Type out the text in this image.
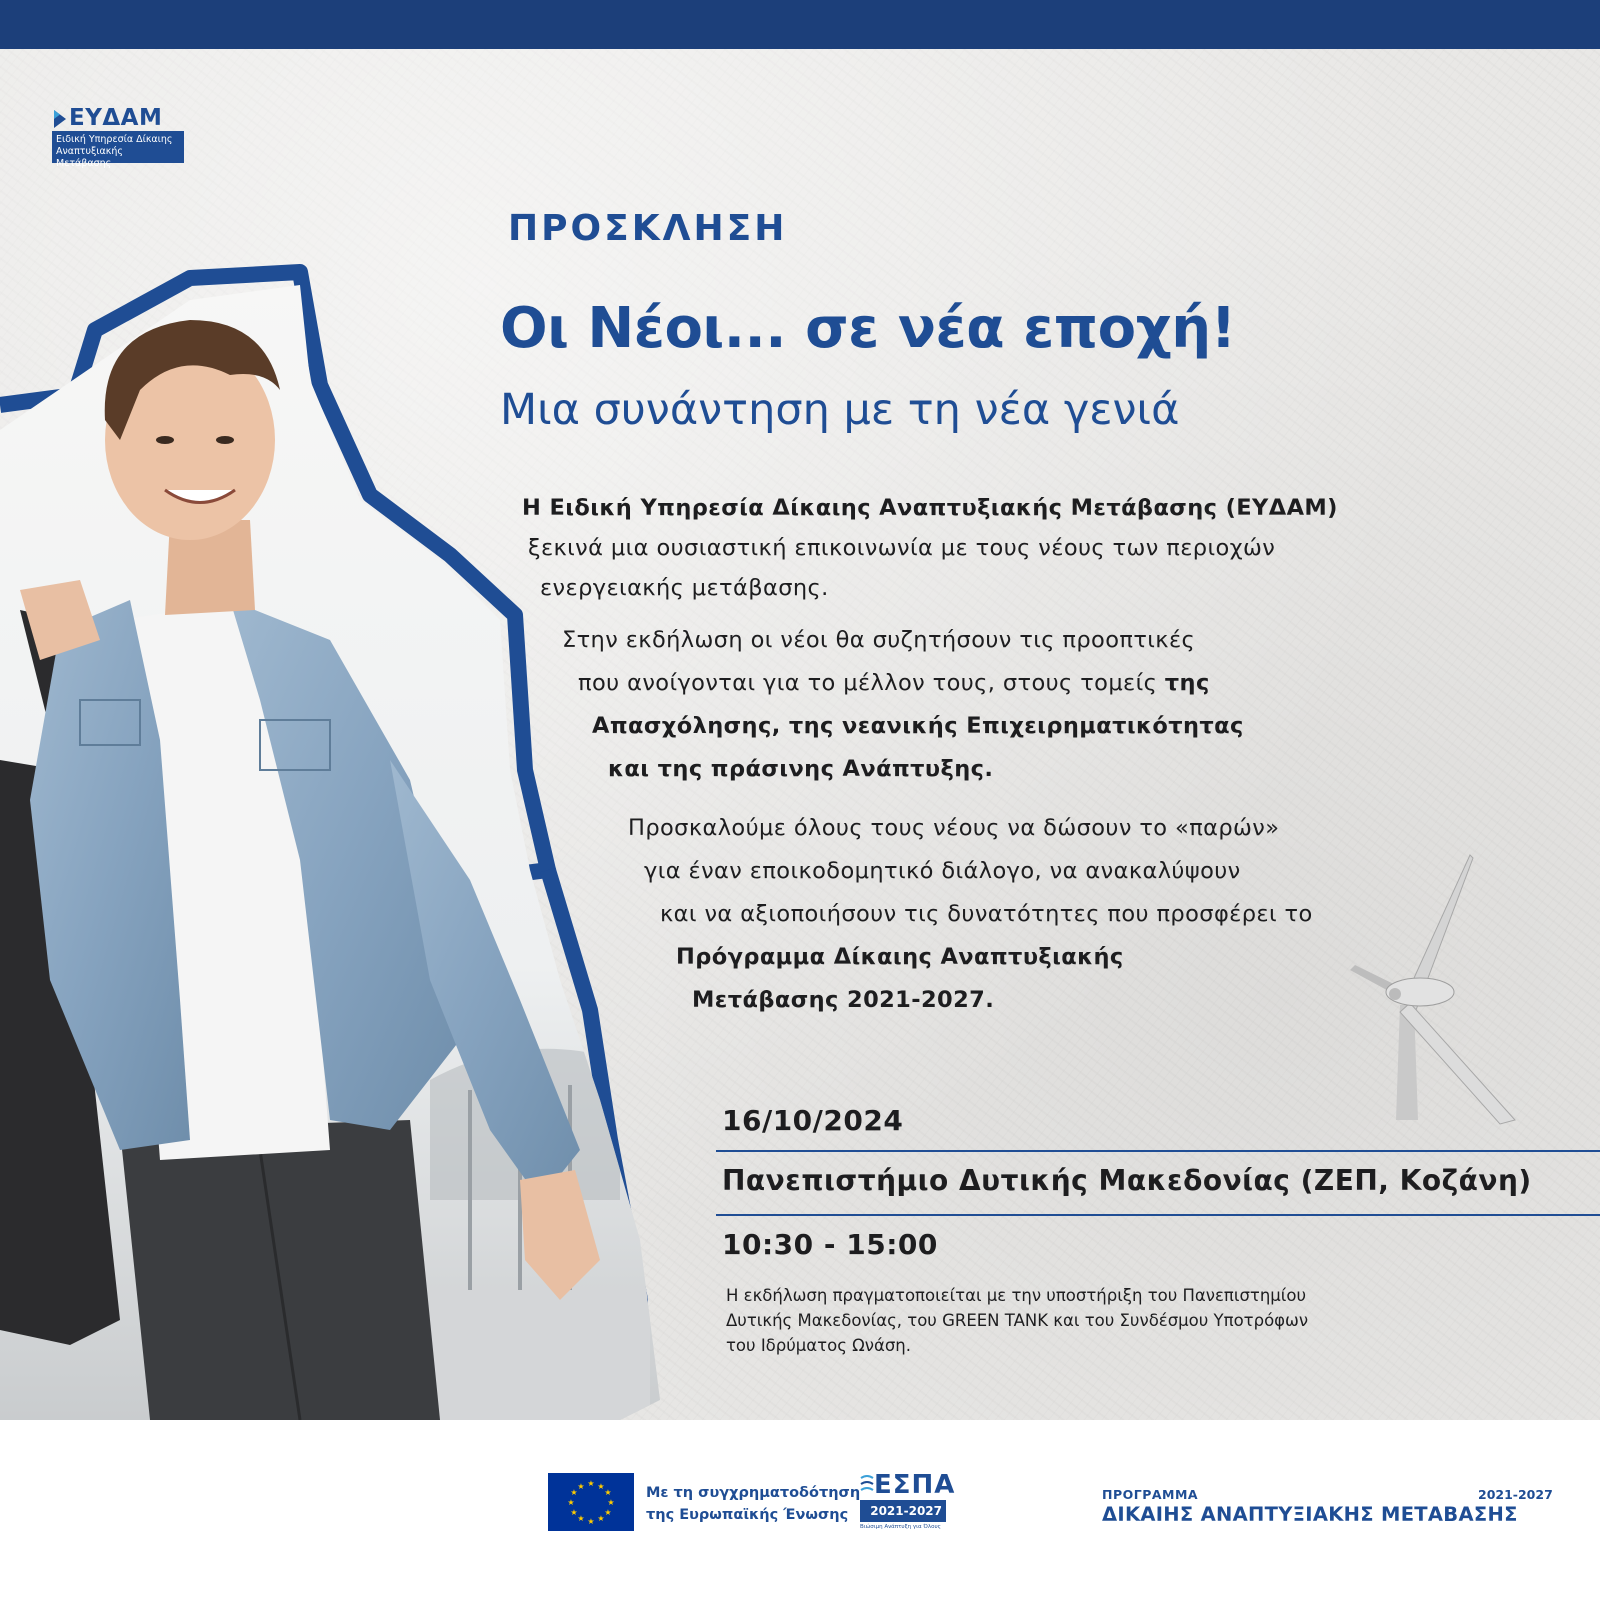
ΕΥΔΑΜ
Ειδική Υπηρεσία Δίκαιης
Αναπτυξιακής Μετάβασης
ΠΡΟΣΚΛΗΣΗ
Οι Νέοι... σε νέα εποχή!
Μια συνάντηση με τη νέα γενιά
Η Ειδική Υπηρεσία Δίκαιης Αναπτυξιακής Μετάβασης (ΕΥΔΑΜ)
ξεκινά μια ουσιαστική επικοινωνία με τους νέους των περιοχών
ενεργειακής μετάβασης.
Στην εκδήλωση οι νέοι θα συζητήσουν τις προοπτικές
που ανοίγονται για το μέλλον τους, στους τομείς της
Απασχόλησης, της νεανικής Επιχειρηματικότητας
και της πράσινης Ανάπτυξης.
Προσκαλούμε όλους τους νέους να δώσουν το «παρών»
για έναν εποικοδομητικό διάλογο, να ανακαλύψουν
και να αξιοποιήσουν τις δυνατότητες που προσφέρει το
Πρόγραμμα Δίκαιης Αναπτυξιακής
Μετάβασης 2021-2027.
16/10/2024
Πανεπιστήμιο Δυτικής Μακεδονίας (ΖΕΠ, Κοζάνη)
10:30 - 15:00
Η εκδήλωση πραγματοποιείται με την υποστήριξη του Πανεπιστημίου
Δυτικής Μακεδονίας, του GREEN TANK και του Συνδέσμου Υποτρόφων
του Ιδρύματος Ωνάση.
★ ★
★
★
★
★
★
★
★
★
★
★	Με τη συγχρηματοδότηση
της Ευρωπαϊκής Ένωσης
ΕΣΠΑ
2021-2027
Βιώσιμη Ανάπτυξη για Όλους
ΠΡΟΓΡΑΜΜΑ	2021-2027
ΔΙΚΑΙΗΣ ΑΝΑΠΤΥΞΙΑΚΗΣ ΜΕΤΑΒΑΣΗΣ
